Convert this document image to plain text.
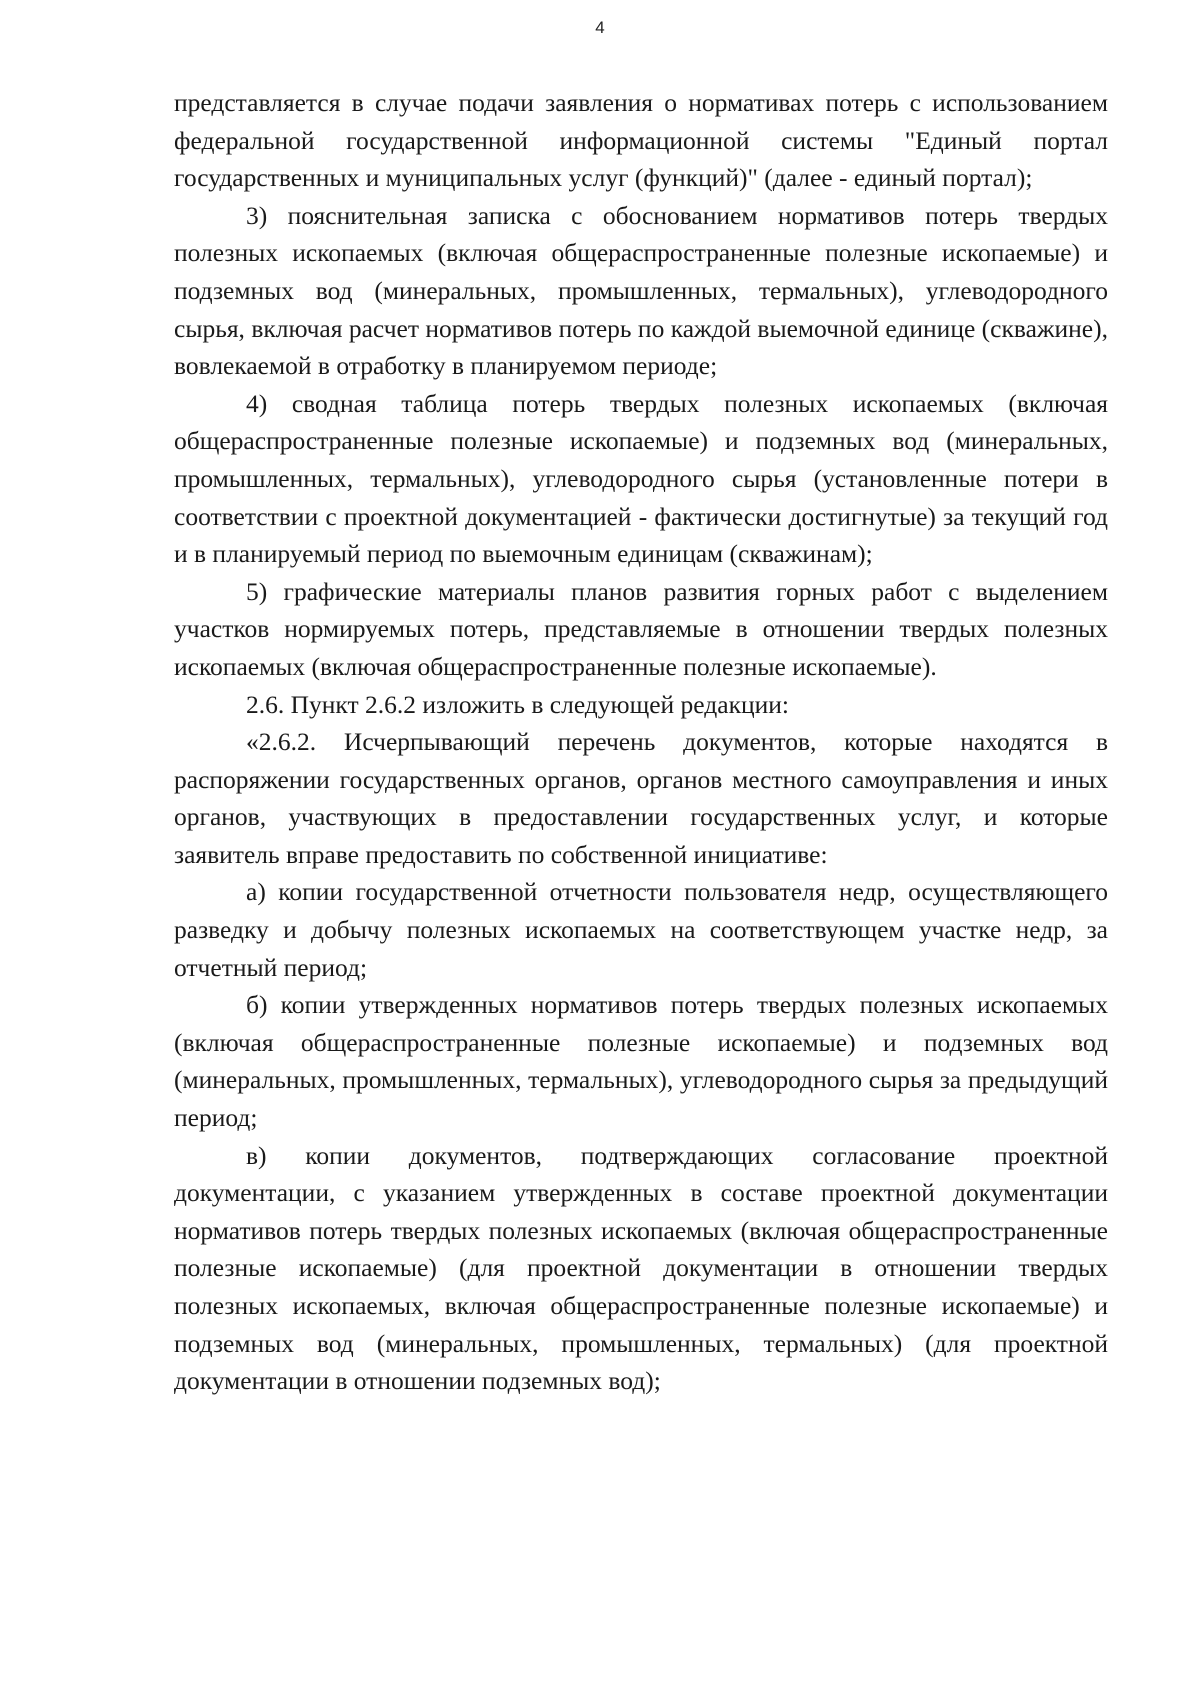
4

представляется в случае подачи заявления о нормативах потерь с использованием федеральной государственной информационной системы "Единый портал государственных и муниципальных услуг (функций)" (далее - единый портал);

3) пояснительная записка с обоснованием нормативов потерь твердых полезных ископаемых (включая общераспространенные полезные ископаемые) и подземных вод (минеральных, промышленных, термальных), углеводородного сырья, включая расчет нормативов потерь по каждой выемочной единице (скважине), вовлекаемой в отработку в планируемом периоде;

4) сводная таблица потерь твердых полезных ископаемых (включая общераспространенные полезные ископаемые) и подземных вод (минеральных, промышленных, термальных), углеводородного сырья (установленные потери в соответствии с проектной документацией - фактически достигнутые) за текущий год и в планируемый период по выемочным единицам (скважинам);

5) графические материалы планов развития горных работ с выделением участков нормируемых потерь, представляемые в отношении твердых полезных ископаемых (включая общераспространенные полезные ископаемые).

2.6. Пункт 2.6.2 изложить в следующей редакции:

«2.6.2. Исчерпывающий перечень документов, которые находятся в распоряжении государственных органов, органов местного самоуправления и иных органов, участвующих в предоставлении государственных услуг, и которые заявитель вправе предоставить по собственной инициативе:

а) копии государственной отчетности пользователя недр, осуществляющего разведку и добычу полезных ископаемых на соответствующем участке недр, за отчетный период;

б) копии утвержденных нормативов потерь твердых полезных ископаемых (включая общераспространенные полезные ископаемые) и подземных вод (минеральных, промышленных, термальных), углеводородного сырья за предыдущий период;

в) копии документов, подтверждающих согласование проектной документации, с указанием утвержденных в составе проектной документации нормативов потерь твердых полезных ископаемых (включая общераспространенные полезные ископаемые) (для проектной документации в отношении твердых полезных ископаемых, включая общераспространенные полезные ископаемые) и подземных вод (минеральных, промышленных, термальных) (для проектной документации в отношении подземных вод);
